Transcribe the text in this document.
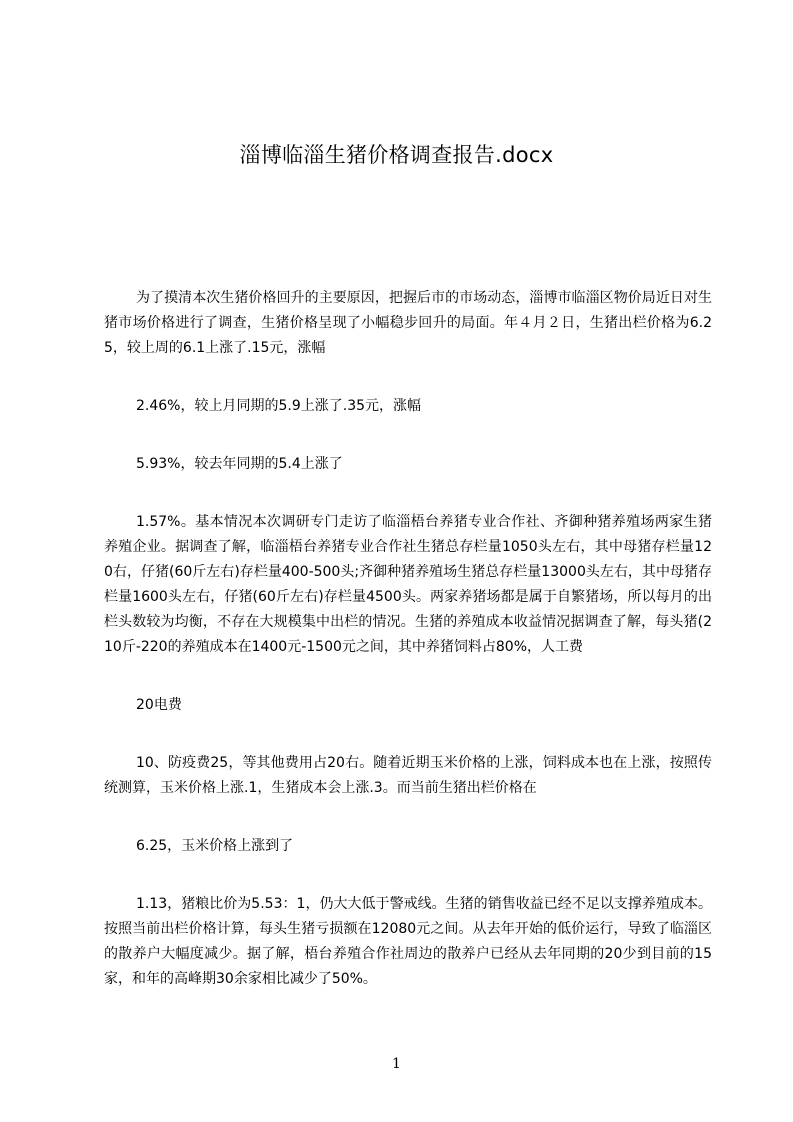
淄博临淄生猪价格调查报告.docx

为了摸清本次生猪价格回升的主要原因，把握后市的市场动态，淄博市临淄区物价局近日对生猪市场价格进行了调查，生猪价格呈现了小幅稳步回升的局面。年４月２日，生猪出栏价格为6.25，较上周的6.1上涨了.15元，涨幅

2.46%，较上月同期的5.9上涨了.35元，涨幅

5.93%，较去年同期的5.4上涨了

1.57%。基本情况本次调研专门走访了临淄梧台养猪专业合作社、齐御种猪养殖场两家生猪养殖企业。据调查了解，临淄梧台养猪专业合作社生猪总存栏量1050头左右，其中母猪存栏量120右，仔猪(60斤左右)存栏量400-500头;齐御种猪养殖场生猪总存栏量13000头左右，其中母猪存栏量1600头左右，仔猪(60斤左右)存栏量4500头。两家养猪场都是属于自繁猪场，所以每月的出栏头数较为均衡，不存在大规模集中出栏的情况。生猪的养殖成本收益情况据调查了解，每头猪(210斤-220的养殖成本在1400元-1500元之间，其中养猪饲料占80%，人工费

20电费

10、防疫费25，等其他费用占20右。随着近期玉米价格的上涨，饲料成本也在上涨，按照传统测算，玉米价格上涨.1，生猪成本会上涨.3。而当前生猪出栏价格在

6.25，玉米价格上涨到了

1.13，猪粮比价为5.53：1，仍大大低于警戒线。生猪的销售收益已经不足以支撑养殖成本。按照当前出栏价格计算，每头生猪亏损额在12080元之间。从去年开始的低价运行，导致了临淄区的散养户大幅度减少。据了解，梧台养殖合作社周边的散养户已经从去年同期的20少到目前的15家，和年的高峰期30余家相比减少了50%。

1
